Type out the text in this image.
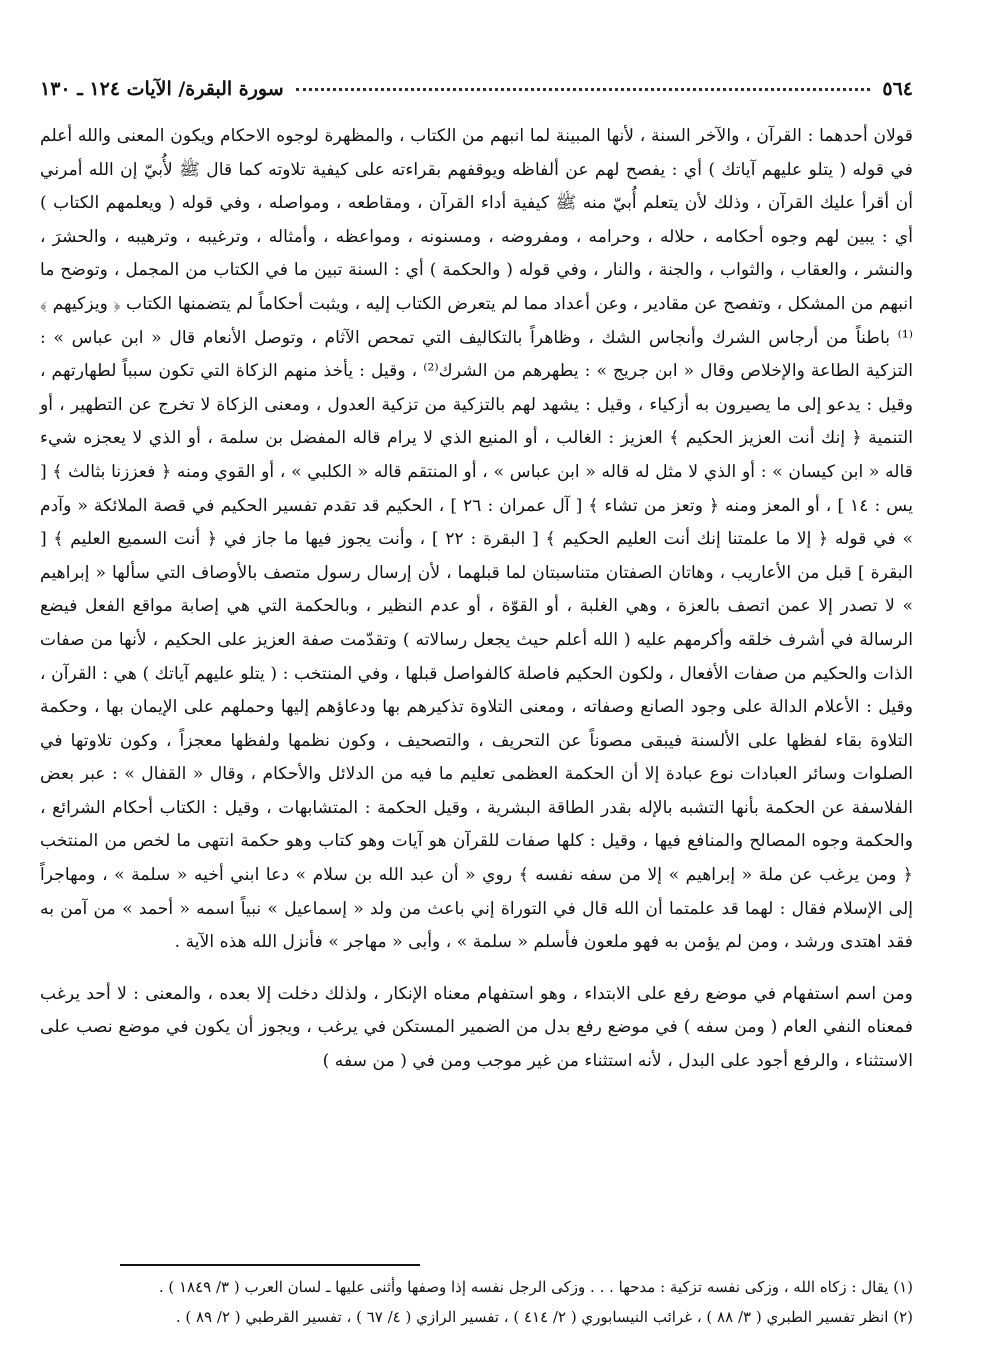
٥٦٤
سورة البقرة/ الآيات ١٢٤ ـ ١٣٠

قولان أحدهما : القرآن ، والآخر السنة ، لأنها المبينة لما انبهم من الكتاب ، والمظهرة لوجوه الاحكام ويكون المعنى والله أعلم في قوله ( يتلو عليهم آياتك ) أي : يفصح لهم عن ألفاظه ويوقفهم بقراءته على كيفية تلاوته كما قال ﷺ لأُبيّ إن الله أمرني أن أقرأ عليك القرآن ، وذلك لأن يتعلم أُبيّ منه ﷺ كيفية أداء القرآن ، ومقاطعه ، ومواصله ، وفي قوله ( ويعلمهم الكتاب ) أي : يبين لهم وجوه أحكامه ، حلاله ، وحرامه ، ومفروضه ، ومسنونه ، ومواعظه ، وأمثاله ، وترغيبه ، وترهيبه ، والحشرَ ، والنشر ، والعقاب ، والثواب ، والجنة ، والنار ، وفي قوله ( والحكمة ) أي : السنة تبين ما في الكتاب من المجمل ، وتوضح ما انبهم من المشكل ، وتفصح عن مقادير ، وعن أعداد مما لم يتعرض الكتاب إليه ، ويثبت أحكاماً لم يتضمنها الكتاب ﴿ ويزكيهم ﴾⁽¹⁾ باطناً من أرجاس الشرك وأنجاس الشك ، وظاهراً بالتكاليف التي تمحص الآثام ، وتوصل الأنعام قال « ابن عباس » : التزكية الطاعة والإخلاص وقال « ابن جريج » : يطهرهم من الشرك⁽²⁾ ، وقيل : يأخذ منهم الزكاة التي تكون سبباً لطهارتهم ، وقيل : يدعو إلى ما يصيرون به أزكياء ، وقيل : يشهد لهم بالتزكية من تزكية العدول ، ومعنى الزكاة لا تخرج عن التطهير ، أو التنمية ﴿ إنك أنت العزيز الحكيم ﴾ العزيز : الغالب ، أو المنيع الذي لا يرام قاله المفضل بن سلمة ، أو الذي لا يعجزه شيء قاله « ابن كيسان » : أو الذي لا مثل له قاله « ابن عباس » ، أو المنتقم قاله « الكلبي » ، أو القوي ومنه ﴿ فعززنا بثالث ﴾ [ يس : ١٤ ] ، أو المعز ومنه ﴿ وتعز من تشاء ﴾ [ آل عمران : ٢٦ ] ، الحكيم قد تقدم تفسير الحكيم في قصة الملائكة « وآدم » في قوله ﴿ إلا ما علمتنا إنك أنت العليم الحكيم ﴾ [ البقرة : ٢٢ ] ، وأنت يجوز فيها ما جاز في ﴿ أنت السميع العليم ﴾ [ البقرة ] قبل من الأعاريب ، وهاتان الصفتان متناسبتان لما قبلهما ، لأن إرسال رسول متصف بالأوصاف التي سألها « إبراهيم » لا تصدر إلا عمن اتصف بالعزة ، وهي الغلبة ، أو القوّة ، أو عدم النظير ، وبالحكمة التي هي إصابة مواقع الفعل فيضع الرسالة في أشرف خلقه وأكرمهم عليه ( الله أعلم حيث يجعل رسالاته ) وتقدّمت صفة العزيز على الحكيم ، لأنها من صفات الذات والحكيم من صفات الأفعال ، ولكون الحكيم فاصلة كالفواصل قبلها ، وفي المنتخب : ( يتلو عليهم آياتك ) هي : القرآن ، وقيل : الأعلام الدالة على وجود الصانع وصفاته ، ومعنى التلاوة تذكيرهم بها ودعاؤهم إليها وحملهم على الإيمان بها ، وحكمة التلاوة بقاء لفظها على الألسنة فيبقى مصوناً عن التحريف ، والتصحيف ، وكون نظمها ولفظها معجزاً ، وكون تلاوتها في الصلوات وسائر العبادات نوع عبادة إلا أن الحكمة العظمى تعليم ما فيه من الدلائل والأحكام ، وقال « القفال » : عبر بعض الفلاسفة عن الحكمة بأنها التشبه بالإله بقدر الطاقة البشرية ، وقيل الحكمة : المتشابهات ، وقيل : الكتاب أحكام الشرائع ، والحكمة وجوه المصالح والمنافع فيها ، وقيل : كلها صفات للقرآن هو آيات وهو كتاب وهو حكمة انتهى ما لخص من المنتخب ﴿ ومن يرغب عن ملة « إبراهيم » إلا من سفه نفسه ﴾ روي « أن عبد الله بن سلام » دعا ابني أخيه « سلمة » ، ومهاجراً إلى الإسلام فقال : لهما قد علمتما أن الله قال في التوراة إني باعث من ولد « إسماعيل » نبياً اسمه « أحمد » من آمن به فقد اهتدى ورشد ، ومن لم يؤمن به فهو ملعون فأسلم « سلمة » ، وأبى « مهاجر » فأنزل الله هذه الآية .

ومن اسم استفهام في موضع رفع على الابتداء ، وهو استفهام معناه الإنكار ، ولذلك دخلت إلا بعده ، والمعنى : لا أحد يرغب فمعناه النفي العام ( ومن سفه ) في موضع رفع بدل من الضمير المستكن في يرغب ، ويجوز أن يكون في موضع نصب على الاستثناء ، والرفع أجود على البدل ، لأنه استثناء من غير موجب ومن في ( من سفه )

(١) يقال : زكاه الله ، وزكى نفسه تزكية : مدحها . . . وزكى الرجل نفسه إذا وصفها وأثنى عليها ـ لسان العرب ( ٣/ ١٨٤٩ ) .
(٢) انظر تفسير الطبري ( ٣/ ٨٨ ) ، غرائب النيسابوري ( ٢/ ٤١٤ ) ، تفسير الرازي ( ٤/ ٦٧ ) ، تفسير القرطبي ( ٢/ ٨٩ ) .
